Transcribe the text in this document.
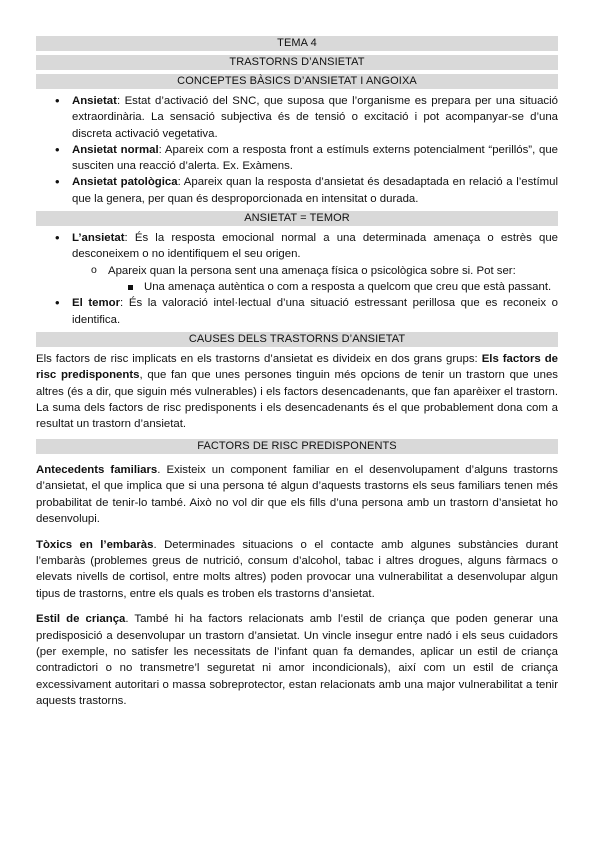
TEMA 4
TRASTORNS D’ANSIETAT
CONCEPTES BÀSICS D’ANSIETAT I ANGOIXA
• Ansietat: Estat d’activació del SNC, que suposa que l’organisme es prepara per una situació extraordinària. La sensació subjectiva és de tensió o excitació i pot acompanyar-se d’una discreta activació vegetativa.
• Ansietat normal: Apareix com a resposta front a estímuls externs potencialment “perillós”, que susciten una reacció d’alerta. Ex. Exàmens.
• Ansietat patològica: Apareix quan la resposta d’ansietat és desadaptada en relació a l’estímul que la genera, per quan és desproporcionada en intensitat o durada.
ANSIETAT = TEMOR
• L’ansietat: És la resposta emocional normal a una determinada amenaça o estrès que desconeixem o no identifiquem el seu origen.
o Apareix quan la persona sent una amenaça física o psicològica sobre si. Pot ser:
Una amenaça autèntica o com a resposta a quelcom que creu que està passant.
• El temor: És la valoració intel·lectual d’una situació estressant perillosa que es reconeix o identifica.
CAUSES DELS TRASTORNS D’ANSIETAT

Els factors de risc implicats en els trastorns d’ansietat es divideix en dos grans grups: Els factors de risc predisponents, que fan que unes persones tinguin més opcions de tenir un trastorn que unes altres (és a dir, que siguin més vulnerables) i els factors desencadenants, que fan aparèixer el trastorn. La suma dels factors de risc predisponents i els desencadenants és el que probablement dona com a resultat un trastorn d’ansietat.

FACTORS DE RISC PREDISPONENTS

Antecedents familiars. Existeix un component familiar en el desenvolupament d’alguns trastorns d’ansietat, el que implica que si una persona té algun d’aquests trastorns els seus familiars tenen més probabilitat de tenir-lo també. Això no vol dir que els fills d’una persona amb un trastorn d’ansietat ho desenvolupi.

Tòxics en l’embaràs. Determinades situacions o el contacte amb algunes substàncies durant l’embaràs (problemes greus de nutrició, consum d’alcohol, tabac i altres drogues, alguns fàrmacs o elevats nivells de cortisol, entre molts altres) poden provocar una vulnerabilitat a desenvolupar algun tipus de trastorns, entre els quals es troben els trastorns d’ansietat.

Estil de criança. També hi ha factors relacionats amb l’estil de criança que poden generar una predisposició a desenvolupar un trastorn d’ansietat. Un vincle insegur entre nadó i els seus cuidadors (per exemple, no satisfer les necessitats de l’infant quan fa demandes, aplicar un estil de criança contradictori o no transmetre’l seguretat ni amor incondicionals), així com un estil de criança excessivament autoritari o massa sobreprotector, estan relacionats amb una major vulnerabilitat a tenir aquests trastorns.
